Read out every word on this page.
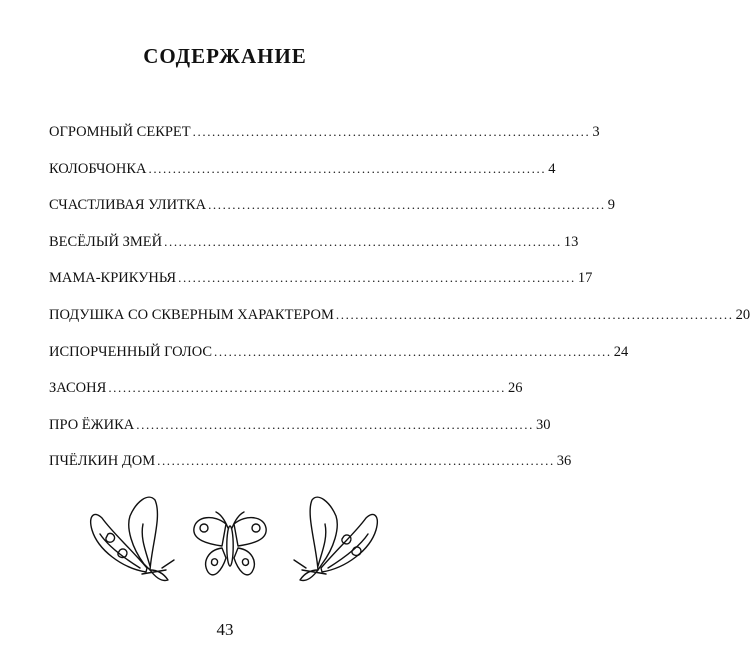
СОДЕРЖАНИЕ
ОГРОМНЫЙ СЕКРЕТ .................................................................................. 3
КОЛОБЧОНКА .................................................................................. 4
СЧАСТЛИВАЯ УЛИТКА .................................................................................. 9
ВЕСЁЛЫЙ ЗМЕЙ .................................................................................. 13
МАМА-КРИКУНЬЯ .................................................................................. 17
ПОДУШКА СО СКВЕРНЫМ ХАРАКТЕРОМ .................................................................................. 20
ИСПОРЧЕННЫЙ ГОЛОС .................................................................................. 24
ЗАСОНЯ .................................................................................. 26
ПРО ЁЖИКА .................................................................................. 30
ПЧЁЛКИН ДОМ .................................................................................. 36
43
